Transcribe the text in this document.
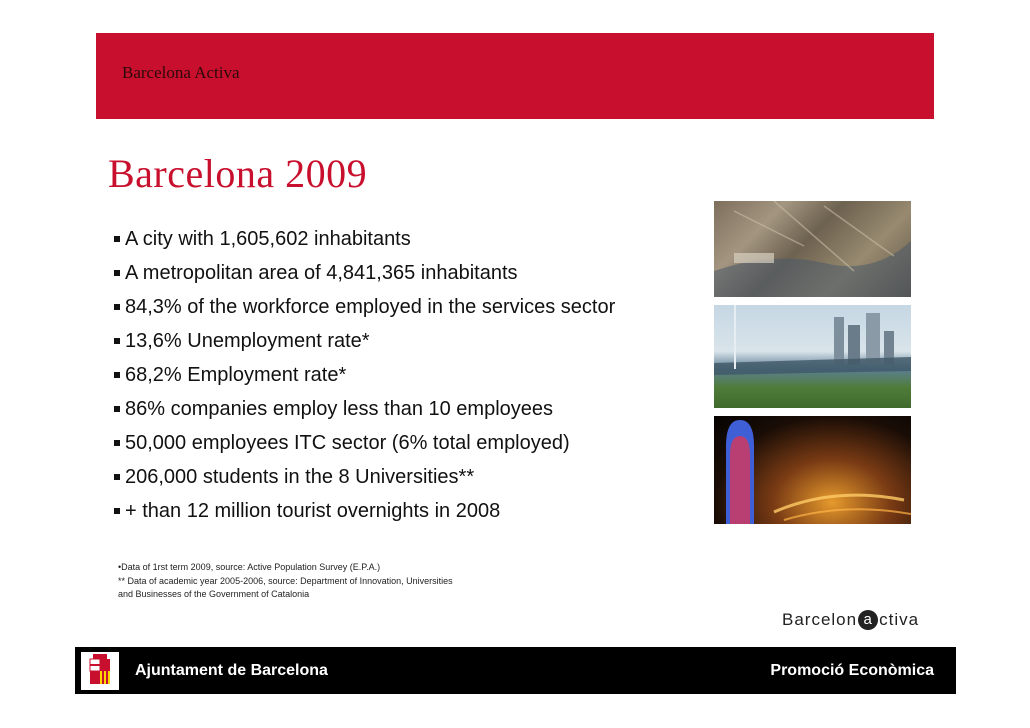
Barcelona Activa
Barcelona 2009
A city with 1,605,602 inhabitants
A metropolitan area of 4,841,365 inhabitants
84,3% of the workforce employed in the services sector
13,6% Unemployment rate*
68,2% Employment rate*
86% companies employ less than 10 employees
50,000 employees ITC sector (6% total employed)
206,000 students in the 8 Universities**
+ than 12 million tourist overnights in 2008
•Data of 1rst term 2009, source: Active Population Survey (E.P.A.)
** Data of academic year 2005-2006, source: Department of Innovation, Universities
and Businesses of the Government of Catalonia
Barcelon a ctiva
Ajuntament de Barcelona	Promoció Econòmica
